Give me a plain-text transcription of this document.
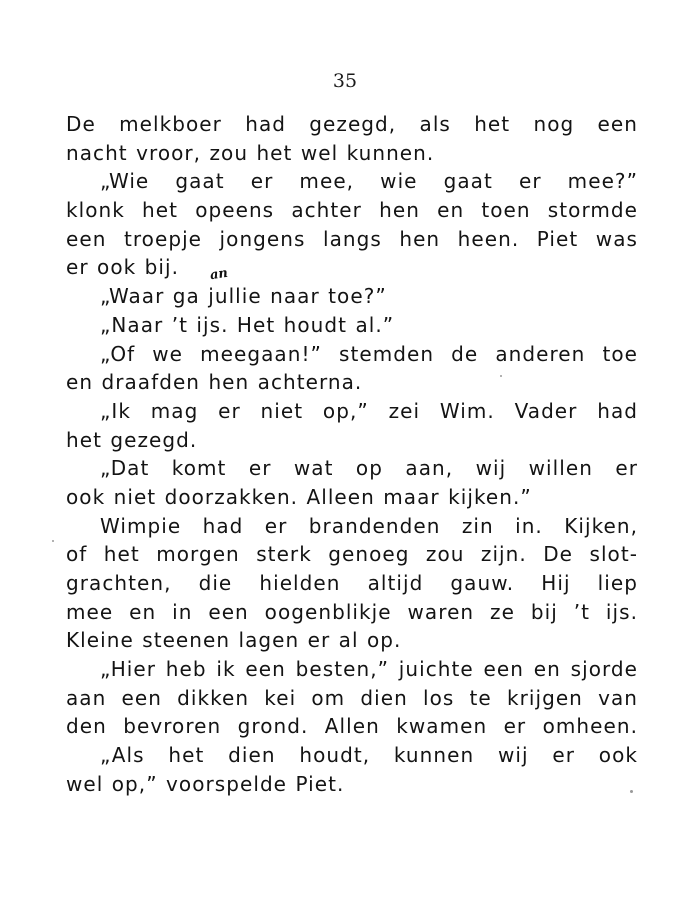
35
an
De melkboer had gezegd, als het nog een
nacht vroor, zou het wel kunnen.
„Wie gaat er mee, wie gaat er mee?”
klonk het opeens achter hen en toen stormde
een troepje jongens langs hen heen. Piet was
er ook bij.
„Waar ga jullie naar toe?”
„Naar ’t ijs. Het houdt al.”
„Of we meegaan!” stemden de anderen toe
en draafden hen achterna.
„Ik mag er niet op,” zei Wim. Vader had
het gezegd.
„Dat komt er wat op aan, wij willen er
ook niet doorzakken. Alleen maar kijken.”
Wimpie had er brandenden zin in. Kijken,
of het morgen sterk genoeg zou zijn. De slot-
grachten, die hielden altijd gauw. Hij liep
mee en in een oogenblikje waren ze bij ’t ijs.
Kleine steenen lagen er al op.
„Hier heb ik een besten,” juichte een en sjorde
aan een dikken kei om dien los te krijgen van
den bevroren grond. Allen kwamen er omheen.
„Als het dien houdt, kunnen wij er ook
wel op,” voorspelde Piet.
